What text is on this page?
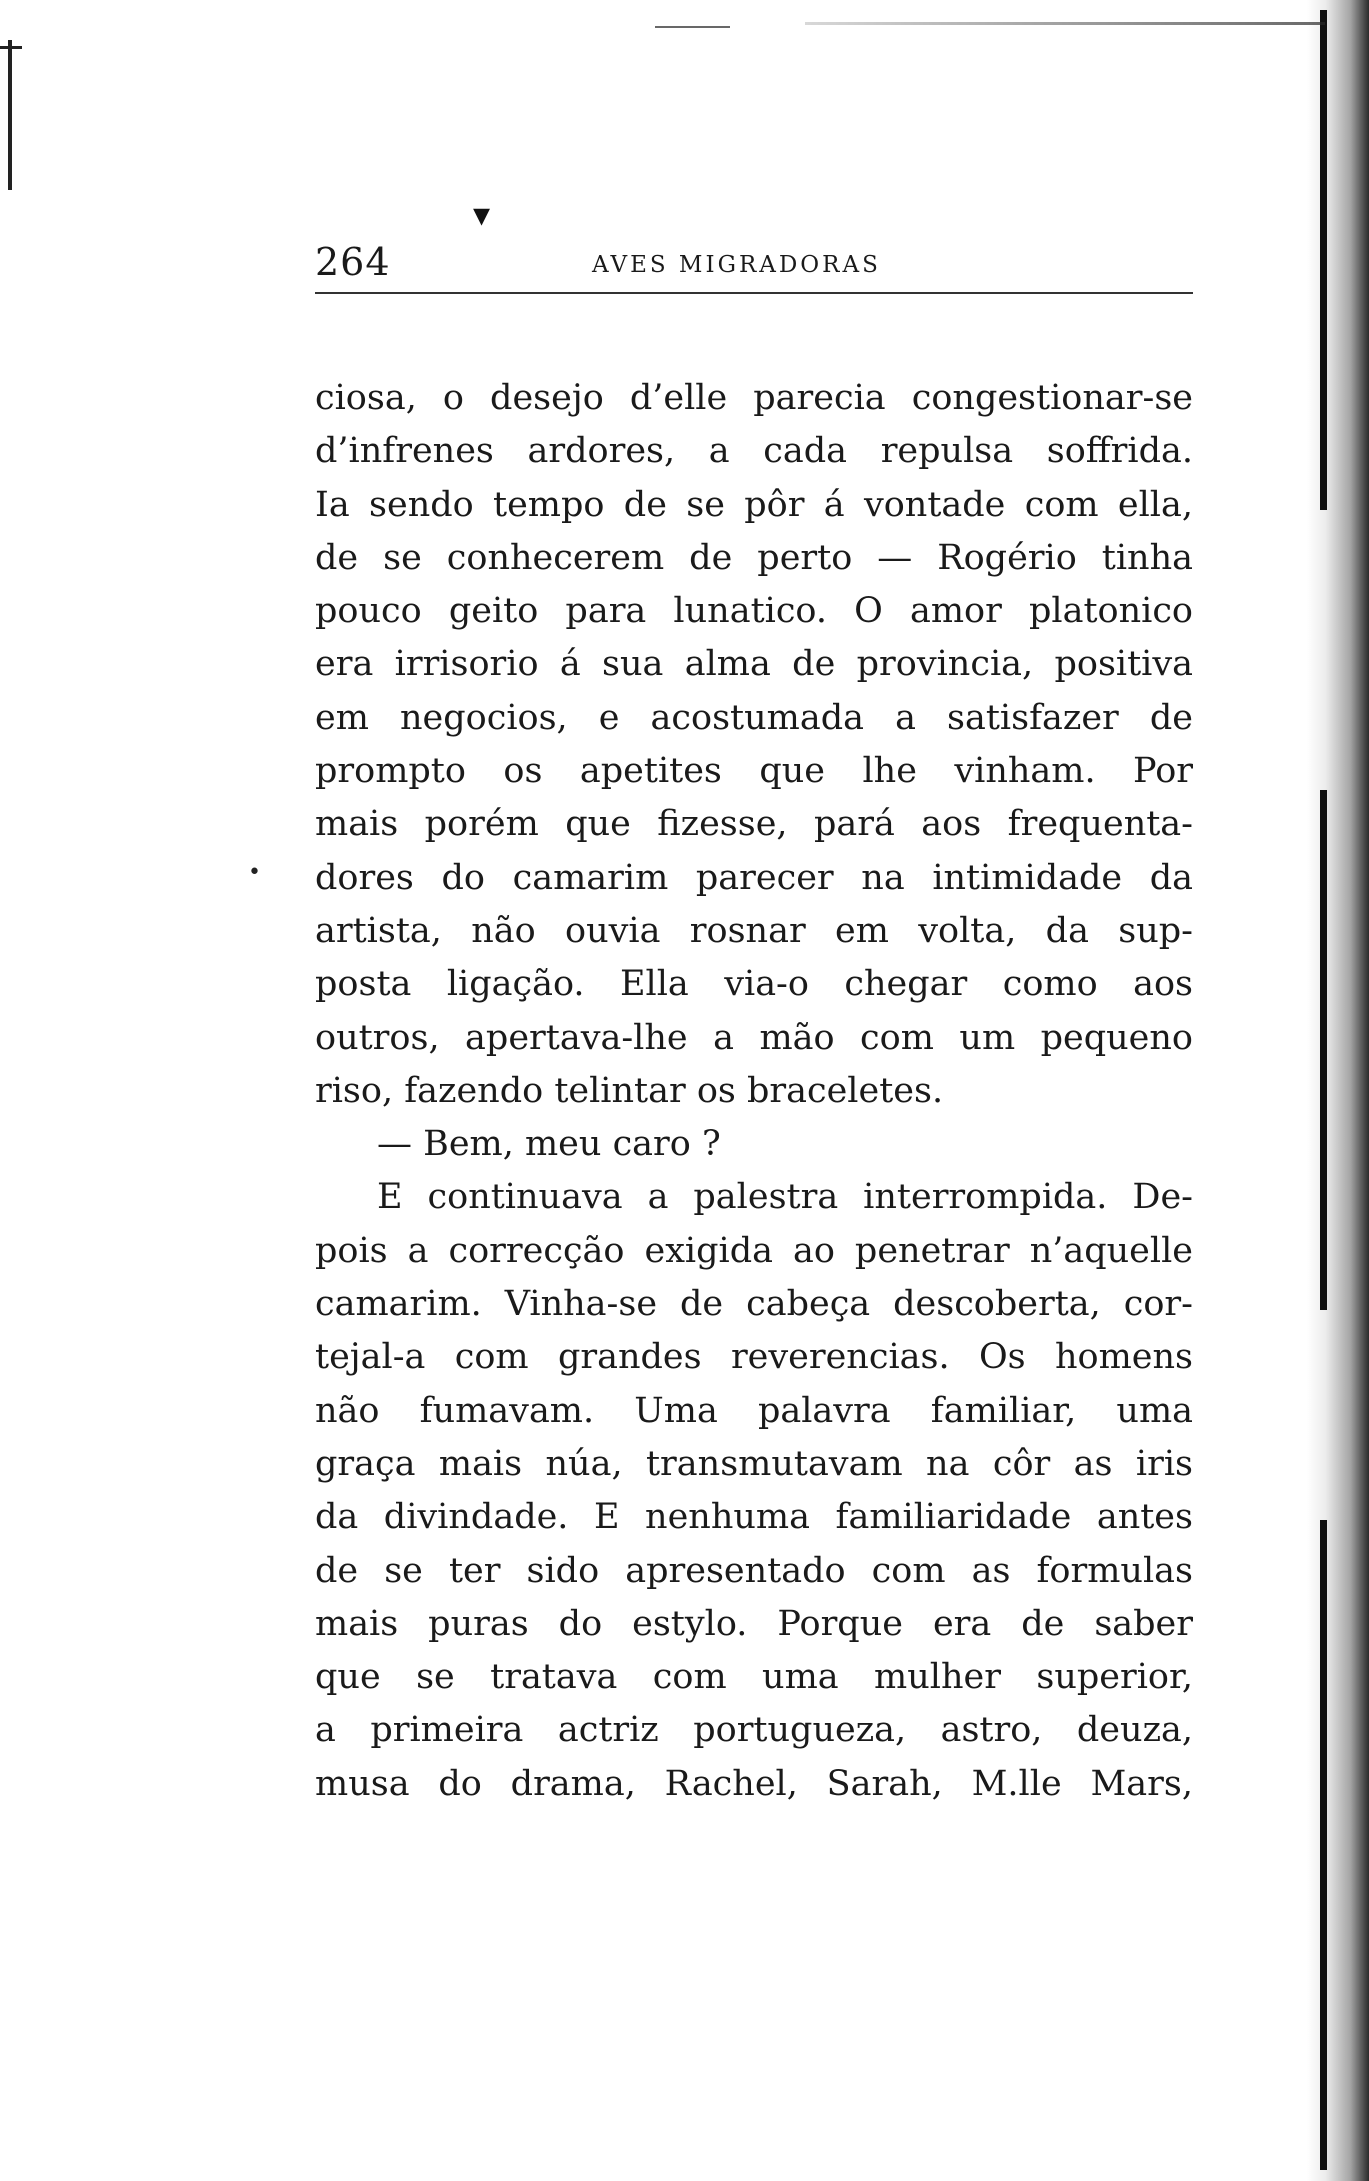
▾
•
264	AVES MIGRADORAS
ciosa, o desejo d’elle parecia congestionar-se
d’infrenes ardores, a cada repulsa soffrida.
Ia sendo tempo de se pôr á vontade com ella,
de se conhecerem de perto — Rogério tinha
pouco geito para lunatico. O amor platonico
era irrisorio á sua alma de provincia, positiva
em negocios, e acostumada a satisfazer de
prompto os apetites que lhe vinham. Por
mais porém que fizesse, pará aos frequenta-
dores do camarim parecer na intimidade da
artista, não ouvia rosnar em volta, da sup-
posta ligação. Ella via-o chegar como aos
outros, apertava-lhe a mão com um pequeno
riso, fazendo telintar os braceletes.
— Bem, meu caro ?
E continuava a palestra interrompida. De-
pois a correcção exigida ao penetrar n’aquelle
camarim. Vinha-se de cabeça descoberta, cor-
tejal-a com grandes reverencias. Os homens
não fumavam. Uma palavra familiar, uma
graça mais núa, transmutavam na côr as iris
da divindade. E nenhuma familiaridade antes
de se ter sido apresentado com as formulas
mais puras do estylo. Porque era de saber
que se tratava com uma mulher superior,
a primeira actriz portugueza, astro, deuza,
musa do drama, Rachel, Sarah, M.lle Mars,
